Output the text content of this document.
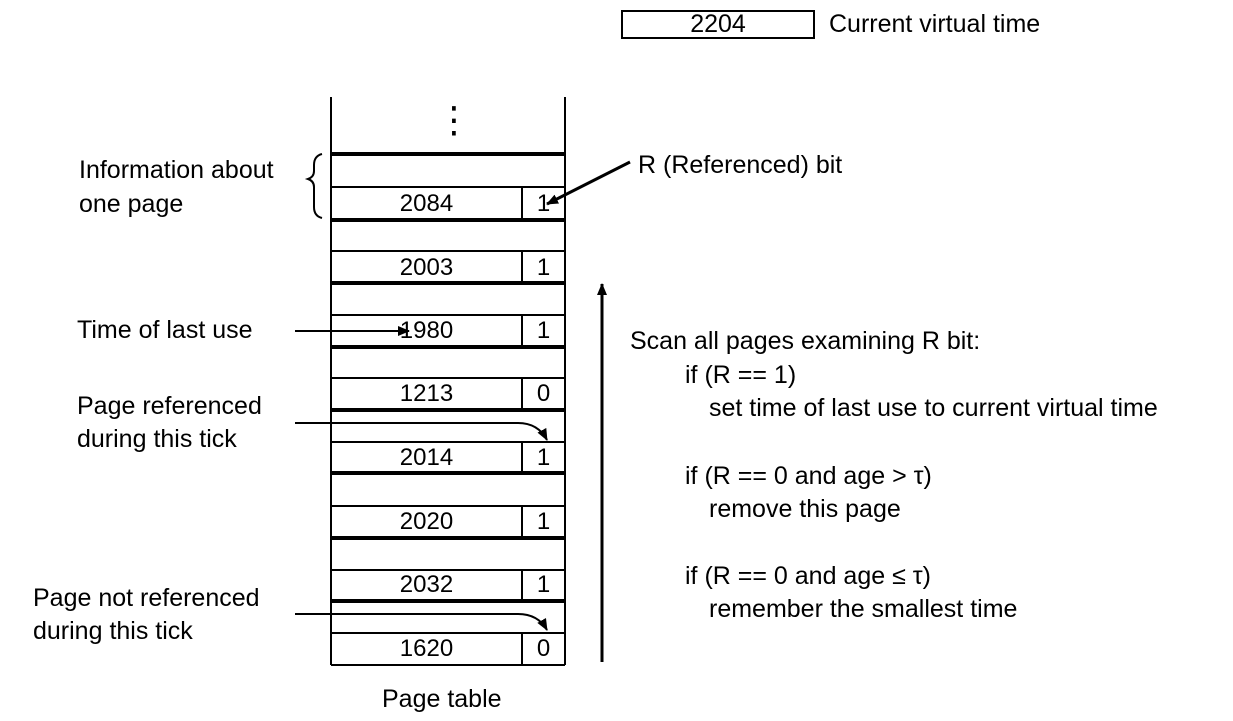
2204	Current virtual time
⋮
2084	1
2003	1
1980	1
1213	0
2014	1
2020	1
2032	1
1620	0
Page table
Information about
one page
R (Referenced) bit
Time of last use
Page referenced
during this tick
Page not referenced
during this tick
Scan all pages examining R bit:
if (R == 1)
set time of last use to current virtual time
if (R == 0 and age > τ)
remove this page
if (R == 0 and age ≤ τ)
remember the smallest time
